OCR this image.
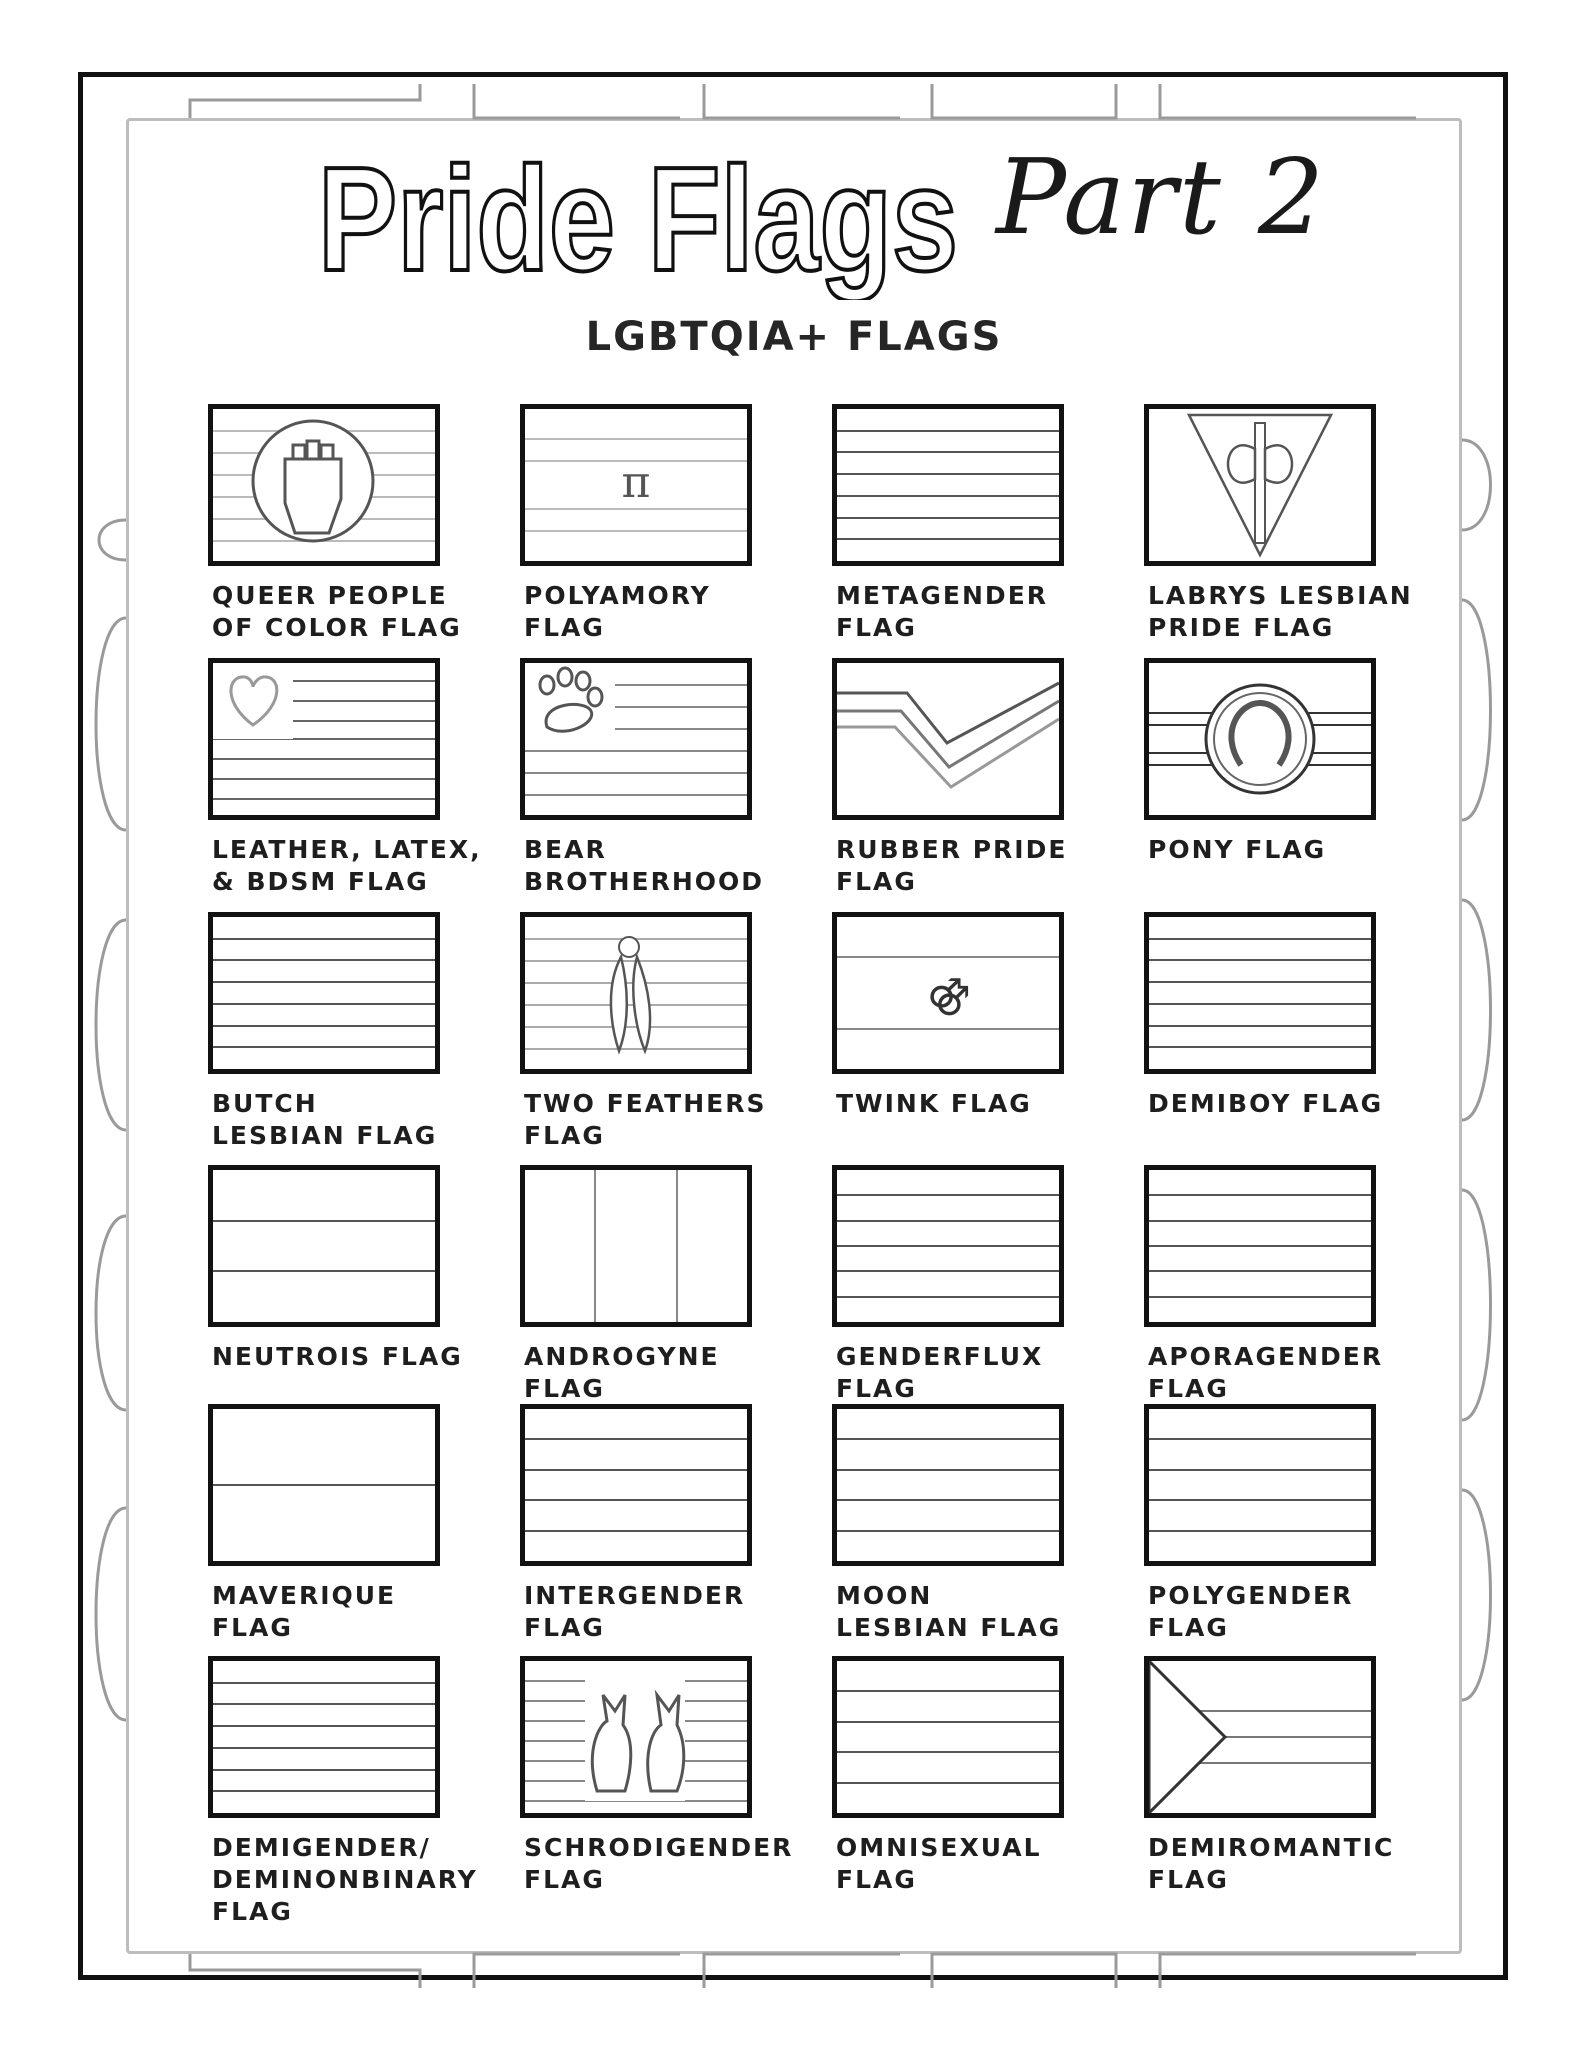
Pride Flags Part 2
LGBTQIA+ FLAGS
QUEER PEOPLE
OF COLOR FLAG
π
POLYAMORY
FLAG
METAGENDER
FLAG
LABRYS LESBIAN
PRIDE FLAG
LEATHER, LATEX,
& BDSM FLAG
BEAR
BROTHERHOOD
RUBBER PRIDE
FLAG
PONY FLAG
BUTCH
LESBIAN FLAG
TWO FEATHERS
FLAG
⚣
TWINK FLAG	DEMIBOY FLAG
NEUTROIS FLAG	ANDROGYNE
FLAG
GENDERFLUX
FLAG
APORAGENDER
FLAG
MAVERIQUE
FLAG
INTERGENDER
FLAG
MOON
LESBIAN FLAG
POLYGENDER
FLAG
DEMIGENDER/
DEMINONBINARY
FLAG
SCHRODIGENDER
FLAG
OMNISEXUAL
FLAG
DEMIROMANTIC
FLAG
